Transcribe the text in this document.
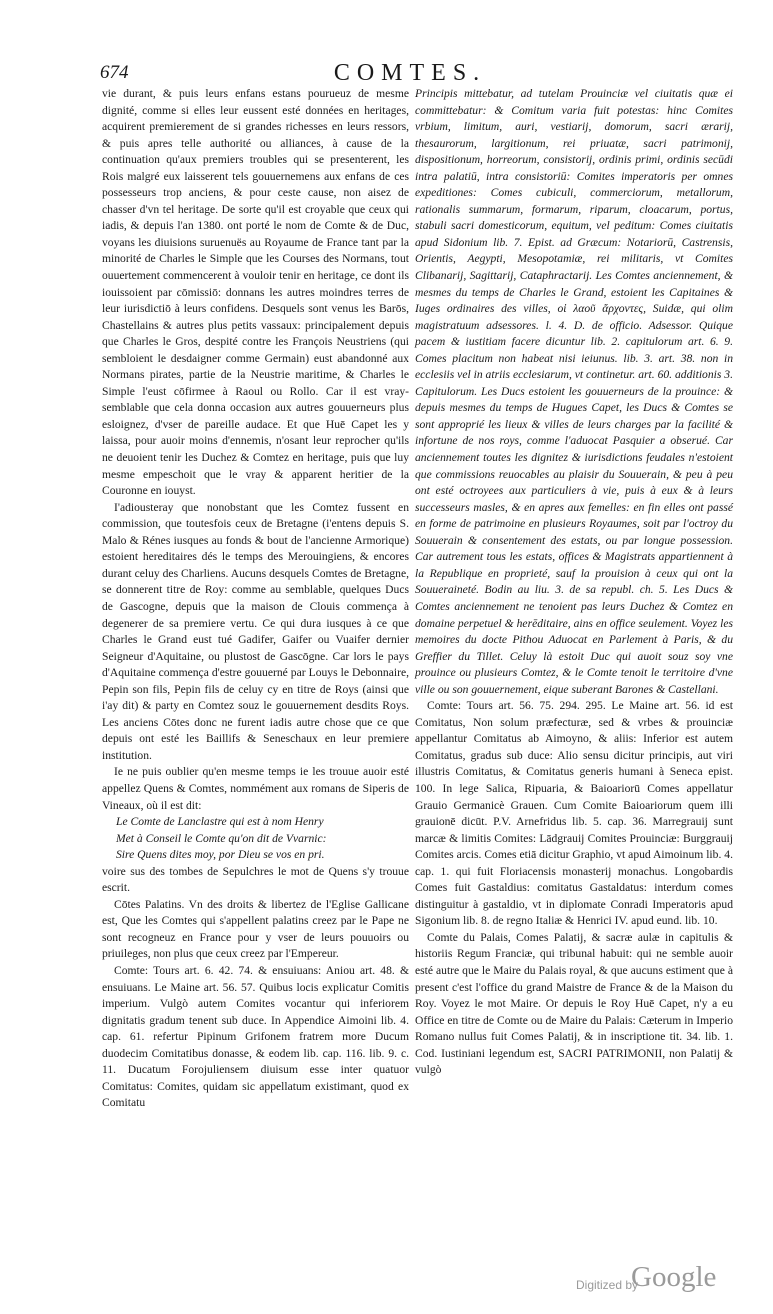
674	COMTES.

vie durant, & puis leurs enfans estans pourueuz de mesme dignité, comme si elles leur eussent esté données en heritages, acquirent premierement de si grandes richesses en leurs ressors, & puis apres telle authorité ou alliances, à cause de la continuation qu'aux premiers troubles qui se presenterent, les Rois malgré eux laisserent tels gouuernemens aux enfans de ces possesseurs trop anciens, & pour ceste cause, non aisez de chasser d'vn tel heritage. De sorte qu'il est croyable que ceux qui iadis, & depuis l'an 1380. ont porté le nom de Comte & de Duc, voyans les diuisions suruenuës au Royaume de France tant par la minorité de Charles le Simple que les Courses des Normans, tout ouuertement commencerent à vouloir tenir en heritage, ce dont ils iouissoient par cōmissiō: donnans les autres moindres terres de leur iurisdictiō à leurs confidens. Desquels sont venus les Barōs, Chastellains & autres plus petits vassaux: principalement depuis que Charles le Gros, despité contre les François Neustriens (qui sembloient le desdaigner comme Germain) eust abandonné aux Normans pirates, partie de la Neustrie maritime, & Charles le Simple l'eust cōfirmee à Raoul ou Rollo. Car il est vray-semblable que cela donna occasion aux autres gouuerneurs plus esloignez, d'vser de pareille audace. Et que Huē Capet les y laissa, pour auoir moins d'ennemis, n'osant leur reprocher qu'ils ne deuoient tenir les Duchez & Comtez en heritage, puis que luy mesme empeschoit que le vray & apparent heritier de la Couronne en iouyst.

I'adiousteray que nonobstant que les Comtez fussent en commission, que toutesfois ceux de Bretagne (i'entens depuis S. Malo & Rénes iusques au fonds & bout de l'ancienne Armorique) estoient hereditaires dés le temps des Merouingiens, & encores durant celuy des Charliens. Aucuns desquels Comtes de Bretagne, se donnerent titre de Roy: comme au semblable, quelques Ducs de Gascogne, depuis que la maison de Clouis commença à degenerer de sa premiere vertu. Ce qui dura iusques à ce que Charles le Grand eust tué Gadifer, Gaifer ou Vuaifer dernier Seigneur d'Aquitaine, ou plustost de Gascōgne. Car lors le pays d'Aquitaine commença d'estre gouuerné par Louys le Debonnaire, Pepin son fils, Pepin fils de celuy cy en titre de Roys (ainsi que i'ay dit) & party en Comtez souz le gouuernement desdits Roys. Les anciens Cōtes donc ne furent iadis autre chose que ce que depuis ont esté les Baillifs & Seneschaux en leur premiere institution.

Ie ne puis oublier qu'en mesme temps ie les trouue auoir esté appellez Quens & Comtes, nommément aux romans de Siperis de Vineaux, où il est dit:

Le Comte de Lanclastre qui est à nom Henry

Met à Conseil le Comte qu'on dit de Vvarnic:

Sire Quens dites moy, por Dieu se vos en pri.

voire sus des tombes de Sepulchres le mot de Quens s'y trouue escrit.

Cōtes Palatins. Vn des droits & libertez de l'Eglise Gallicane est, Que les Comtes qui s'appellent palatins creez par le Pape ne sont recogneuz en France pour y vser de leurs pouuoirs ou priuileges, non plus que ceux creez par l'Empereur.

Comte: Tours art. 6. 42. 74. & ensuiuans: Aniou art. 48. & ensuiuans. Le Maine art. 56. 57. Quibus locis explicatur Comitis imperium. Vulgò autem Comites vocantur qui inferiorem dignitatis gradum tenent sub duce. In Appendice Aimoini lib. 4. cap. 61. refertur Pipinum Grifonem fratrem more Ducum duodecim Comitatibus donasse, & eodem lib. cap. 116. lib. 9. c. 11. Ducatum Forojuliensem diuisum esse inter quatuor Comitatus: Comites, quidam sic appellatum existimant, quod ex Comitatu

Principis mittebatur, ad tutelam Prouinciæ vel ciuitatis quæ ei committebatur: & Comitum varia fuit potestas: hinc Comites vrbium, limitum, auri, vestiarij, domorum, sacri ærarij, thesaurorum, largitionum, rei priuatæ, sacri patrimonij, dispositionum, horreorum, consistorij, ordinis primi, ordinis secūdi intra palatiū, intra consistoriū: Comites imperatoris per omnes expeditiones: Comes cubiculi, commerciorum, metallorum, rationalis summarum, formarum, riparum, cloacarum, portus, stabuli sacri domesticorum, equitum, vel peditum: Comes ciuitatis apud Sidonium lib. 7. Epist. ad Græcum: Notariorū, Castrensis, Orientis, Aegypti, Mesopotamiæ, rei militaris, vt Comites Clibanarij, Sagittarij, Cataphractarij. Les Comtes anciennement, & mesmes du temps de Charles le Grand, estoient les Capitaines & Iuges ordinaires des villes, οἱ λαοῦ ἄρχοντες, Suidæ, qui olim magistratuum adsessores. l. 4. D. de officio. Adsessor. Quique pacem & iustitiam facere dicuntur lib. 2. capitulorum art. 6. 9. Comes placitum non habeat nisi ieiunus. lib. 3. art. 38. non in ecclesiis vel in atriis ecclesiarum, vt continetur. art. 60. additionis 3. Capitulorum. Les Ducs estoient les gouuerneurs de la prouince: & depuis mesmes du temps de Hugues Capet, les Ducs & Comtes se sont approprié les lieux & villes de leurs charges par la facilité & infortune de nos roys, comme l'aduocat Pasquier a obserué. Car anciennement toutes les dignitez & iurisdictions feudales n'estoient que commissions reuocables au plaisir du Souuerain, & peu à peu ont esté octroyees aux particuliers à vie, puis à eux & à leurs successeurs masles, & en apres aux femelles: en fin elles ont passé en forme de patrimoine en plusieurs Royaumes, soit par l'octroy du Souuerain & consentement des estats, ou par longue possession. Car autrement tous les estats, offices & Magistrats appartiennent à la Republique en proprieté, sauf la prouision à ceux qui ont la Souueraineté. Bodin au liu. 3. de sa republ. ch. 5. Les Ducs & Comtes anciennement ne tenoient pas leurs Duchez & Comtez en domaine perpetuel & herēditaire, ains en office seulement. Voyez les memoires du docte Pithou Aduocat en Parlement à Paris, & du Greffier du Tillet. Celuy là estoit Duc qui auoit souz soy vne prouince ou plusieurs Comtez, & le Comte tenoit le territoire d'vne ville ou son gouuernement, eique suberant Barones & Castellani.

Comte: Tours art. 56. 75. 294. 295. Le Maine art. 56. id est Comitatus, Non solum præfecturæ, sed & vrbes & prouinciæ appellantur Comitatus ab Aimoyno, & aliis: Inferior est autem Comitatus, gradus sub duce: Alio sensu dicitur principis, aut viri illustris Comitatus, & Comitatus generis humani à Seneca epist. 100. In lege Salica, Ripuaria, & Baioariorū Comes appellatur Grauio Germanicè Grauen. Cum Comite Baioariorum quem illi grauionē dicūt. P.V. Arnefridus lib. 5. cap. 36. Marregrauij sunt marcæ & limitis Comites: Lādgrauij Comites Prouinciæ: Burggrauij Comites arcis. Comes etiā dicitur Graphio, vt apud Aimoinum lib. 4. cap. 1. qui fuit Floriacensis monasterij monachus. Longobardis Comes fuit Gastaldius: comitatus Gastaldatus: interdum comes distinguitur à gastaldio, vt in diplomate Conradi Imperatoris apud Sigonium lib. 8. de regno Italiæ & Henrici IV. apud eund. lib. 10.

Comte du Palais, Comes Palatij, & sacræ aulæ in capitulis & historiis Regum Franciæ, qui tribunal habuit: qui ne semble auoir esté autre que le Maire du Palais royal, & que aucuns estiment que à present c'est l'office du grand Maistre de France & de la Maison du Roy. Voyez le mot Maire. Or depuis le Roy Huē Capet, n'y a eu Office en titre de Comte ou de Maire du Palais: Cæterum in Imperio Romano nullus fuit Comes Palatij, & in inscriptione tit. 34. lib. 1. Cod. Iustiniani legendum est, SACRI PATRIMONII, non Palatij & vulgò

Digitized by
Google
